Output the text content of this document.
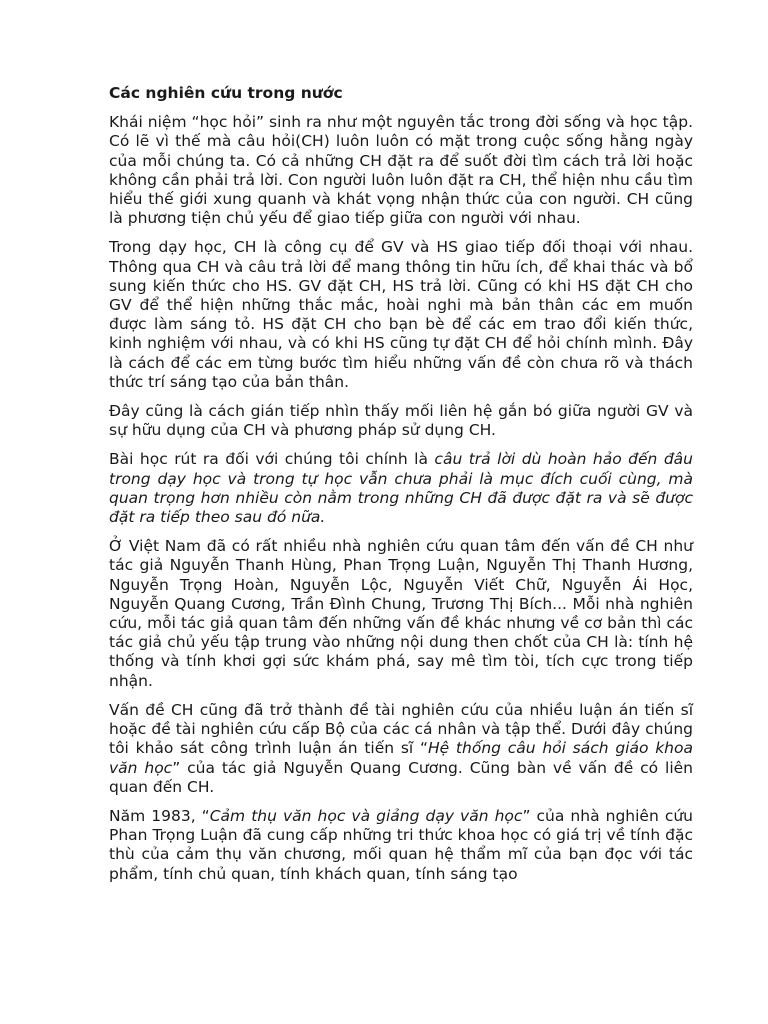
Các nghiên cứu trong nước

Khái niệm “học hỏi” sinh ra như một nguyên tắc trong đời sống và học tập. Có lẽ vì thế mà câu hỏi(CH) luôn luôn có mặt trong cuộc sống hằng ngày của mỗi chúng ta. Có cả những CH đặt ra để suốt đời tìm cách trả lời hoặc không cần phải trả lời. Con người luôn luôn đặt ra CH, thể hiện nhu cầu tìm hiểu thế giới xung quanh và khát vọng nhận thức của con người. CH cũng là phương tiện chủ yếu để giao tiếp giữa con người với nhau.

Trong dạy học, CH là công cụ để GV và HS giao tiếp đối thoại với nhau. Thông qua CH và câu trả lời để mang thông tin hữu ích, để khai thác và bổ sung kiến thức cho HS. GV đặt CH, HS trả lời. Cũng có khi HS đặt CH cho GV để thể hiện những thắc mắc, hoài nghi mà bản thân các em muốn được làm sáng tỏ. HS đặt CH cho bạn bè để các em trao đổi kiến thức, kinh nghiệm với nhau, và có khi HS cũng tự đặt CH để hỏi chính mình. Đây là cách để các em từng bước tìm hiểu những vấn đề còn chưa rõ và thách thức trí sáng tạo của bản thân.

Đây cũng là cách gián tiếp nhìn thấy mối liên hệ gắn bó giữa người GV và sự hữu dụng của CH và phương pháp sử dụng CH.

Bài học rút ra đối với chúng tôi chính là câu trả lời dù hoàn hảo đến đâu trong dạy học và trong tự học vẫn chưa phải là mục đích cuối cùng, mà quan trọng hơn nhiều còn nằm trong những CH đã được đặt ra và sẽ được đặt ra tiếp theo sau đó nữa.

Ở Việt Nam đã có rất nhiều nhà nghiên cứu quan tâm đến vấn đề CH như tác giả Nguyễn Thanh Hùng, Phan Trọng Luận, Nguyễn Thị Thanh Hương, Nguyễn Trọng Hoàn, Nguyễn Lộc, Nguyễn Viết Chữ, Nguyễn Ái Học, Nguyễn Quang Cương, Trần Đình Chung, Trương Thị Bích... Mỗi nhà nghiên cứu, mỗi tác giả quan tâm đến những vấn đề khác nhưng về cơ bản thì các tác giả chủ yếu tập trung vào những nội dung then chốt của CH là: tính hệ thống và tính khơi gợi sức khám phá, say mê tìm tòi, tích cực trong tiếp nhận.

Vấn đề CH cũng đã trở thành đề tài nghiên cứu của nhiều luận án tiến sĩ hoặc đề tài nghiên cứu cấp Bộ của các cá nhân và tập thể. Dưới đây chúng tôi khảo sát công trình luận án tiến sĩ “Hệ thống câu hỏi sách giáo khoa văn học” của tác giả Nguyễn Quang Cương. Cũng bàn về vấn đề có liên quan đến CH.

Năm 1983, “Cảm thụ văn học và giảng dạy văn học” của nhà nghiên cứu Phan Trọng Luận đã cung cấp những tri thức khoa học có giá trị về tính đặc thù của cảm thụ văn chương, mối quan hệ thẩm mĩ của bạn đọc với tác phẩm, tính chủ quan, tính khách quan, tính sáng tạo
